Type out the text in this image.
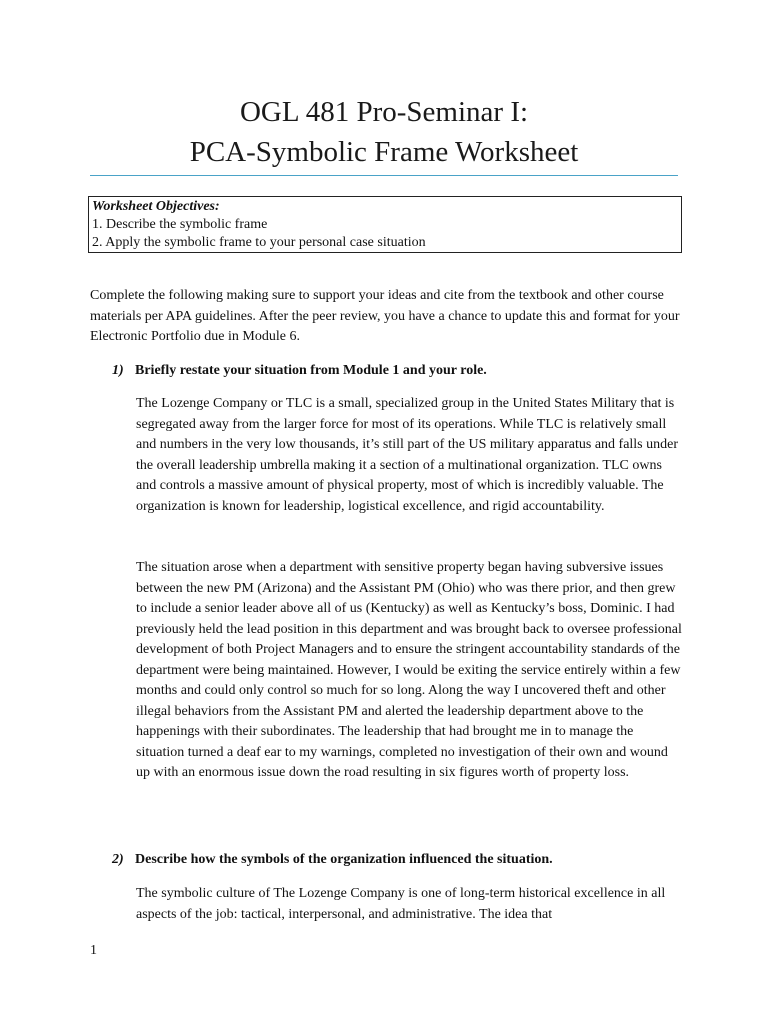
OGL 481 Pro-Seminar I:
PCA-Symbolic Frame Worksheet
Worksheet Objectives:
1. Describe the symbolic frame
2. Apply the symbolic frame to your personal case situation

Complete the following making sure to support your ideas and cite from the textbook and other course materials per APA guidelines. After the peer review, you have a chance to update this and format for your Electronic Portfolio due in Module 6.

1) Briefly restate your situation from Module 1 and your role.

The Lozenge Company or TLC is a small, specialized group in the United States Military that is segregated away from the larger force for most of its operations. While TLC is relatively small and numbers in the very low thousands, it’s still part of the US military apparatus and falls under the overall leadership umbrella making it a section of a multinational organization. TLC owns and controls a massive amount of physical property, most of which is incredibly valuable. The organization is known for leadership, logistical excellence, and rigid accountability.

The situation arose when a department with sensitive property began having subversive issues between the new PM (Arizona) and the Assistant PM (Ohio) who was there prior, and then grew to include a senior leader above all of us (Kentucky) as well as Kentucky’s boss, Dominic. I had previously held the lead position in this department and was brought back to oversee professional development of both Project Managers and to ensure the stringent accountability standards of the department were being maintained. However, I would be exiting the service entirely within a few months and could only control so much for so long. Along the way I uncovered theft and other illegal behaviors from the Assistant PM and alerted the leadership department above to the happenings with their subordinates. The leadership that had brought me in to manage the situation turned a deaf ear to my warnings, completed no investigation of their own and wound up with an enormous issue down the road resulting in six figures worth of property loss.

2) Describe how the symbols of the organization influenced the situation.

The symbolic culture of The Lozenge Company is one of long-term historical excellence in all aspects of the job: tactical, interpersonal, and administrative. The idea that

1
